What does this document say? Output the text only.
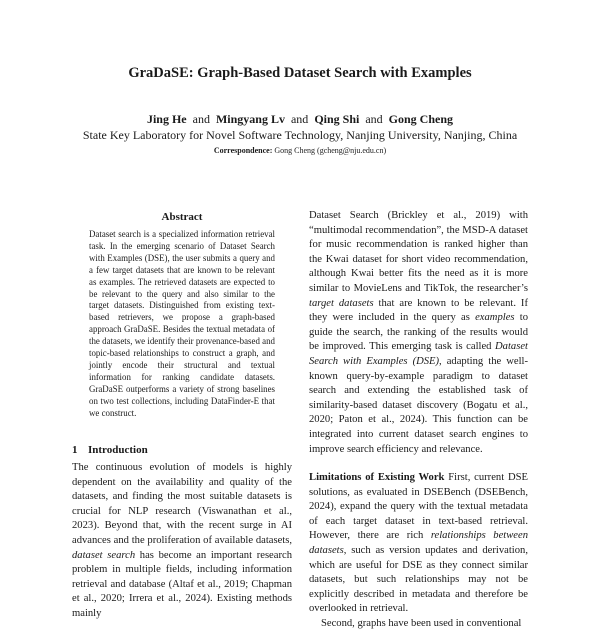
GraDaSE: Graph-Based Dataset Search with Examples
Jing He and Mingyang Lv and Qing Shi and Gong Cheng
State Key Laboratory for Novel Software Technology, Nanjing University, Nanjing, China
Correspondence: Gong Cheng (gcheng@nju.edu.cn)
Abstract
Dataset search is a specialized information retrieval task. In the emerging scenario of Dataset Search with Examples (DSE), the user submits a query and a few target datasets that are known to be relevant as examples. The retrieved datasets are expected to be relevant to the query and also similar to the target datasets. Distinguished from existing text-based retrievers, we propose a graph-based approach GraDaSE. Besides the textual metadata of the datasets, we identify their provenance-based and topic-based relationships to construct a graph, and jointly encode their structural and textual information for ranking candidate datasets. GraDaSE outperforms a variety of strong baselines on two test collections, including DataFinder-E that we construct.
1 Introduction
The continuous evolution of models is highly dependent on the availability and quality of the datasets, and finding the most suitable datasets is crucial for NLP research (Viswanathan et al., 2023). Beyond that, with the recent surge in AI advances and the proliferation of available datasets, dataset search has become an important research problem in multiple fields, including information retrieval and database (Altaf et al., 2019; Chapman et al., 2020; Irrera et al., 2024). Existing methods mainly

Dataset Search (Brickley et al., 2019) with “multimodal recommendation”, the MSD-A dataset for music recommendation is ranked higher than the Kwai dataset for short video recommendation, although Kwai better fits the need as it is more similar to MovieLens and TikTok, the researcher’s target datasets that are known to be relevant. If they were included in the query as examples to guide the search, the ranking of the results would be improved. This emerging task is called Dataset Search with Examples (DSE), adapting the well-known query-by-example paradigm to dataset search and extending the established task of similarity-based dataset discovery (Bogatu et al., 2020; Paton et al., 2024). This function can be integrated into current dataset search engines to improve search efficiency and relevance.

Limitations of Existing Work First, current DSE solutions, as evaluated in DSEBench (DSEBench, 2024), expand the query with the textual metadata of each target dataset in text-based retrieval. However, there are rich relationships between datasets, such as version updates and derivation, which are useful for DSE as they connect similar datasets, but such relationships may not be explicitly described in metadata and therefore be overlooked in retrieval.

Second, graphs have been used in conventional
